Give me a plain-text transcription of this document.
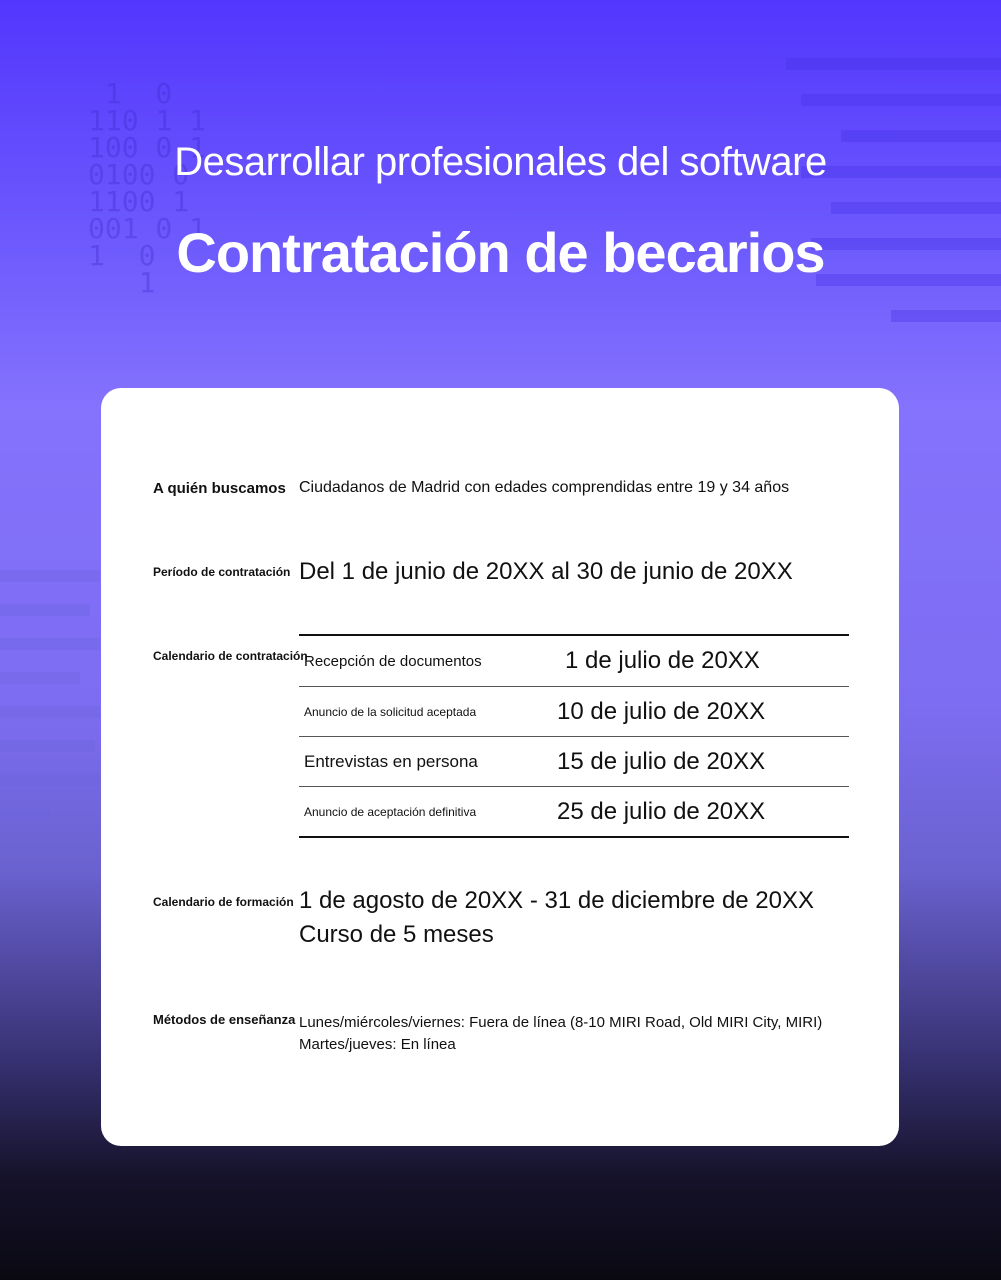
1  0
110 1 1
100 0 1
0100 0
1100 1
001 0 1
1  0
1
Desarrollar profesionales del software
Contratación de becarios
A quién buscamos Ciudadanos de Madrid con edades comprendidas entre 19 y 34 años
Período de contratación Del 1 de junio de 20XX al 30 de junio de 20XX
Calendario de contratación
Recepción de documentos	1 de julio de 20XX
Anuncio de la solicitud aceptada	10 de julio de 20XX
Entrevistas en persona	15 de julio de 20XX
Anuncio de aceptación definitiva	25 de julio de 20XX
Calendario de formación 1 de agosto de 20XX - 31 de diciembre de 20XX
Curso de 5 meses
Métodos de enseñanza Lunes/miércoles/viernes: Fuera de línea (8-10 MIRI Road, Old MIRI City, MIRI)
Martes/jueves: En línea
